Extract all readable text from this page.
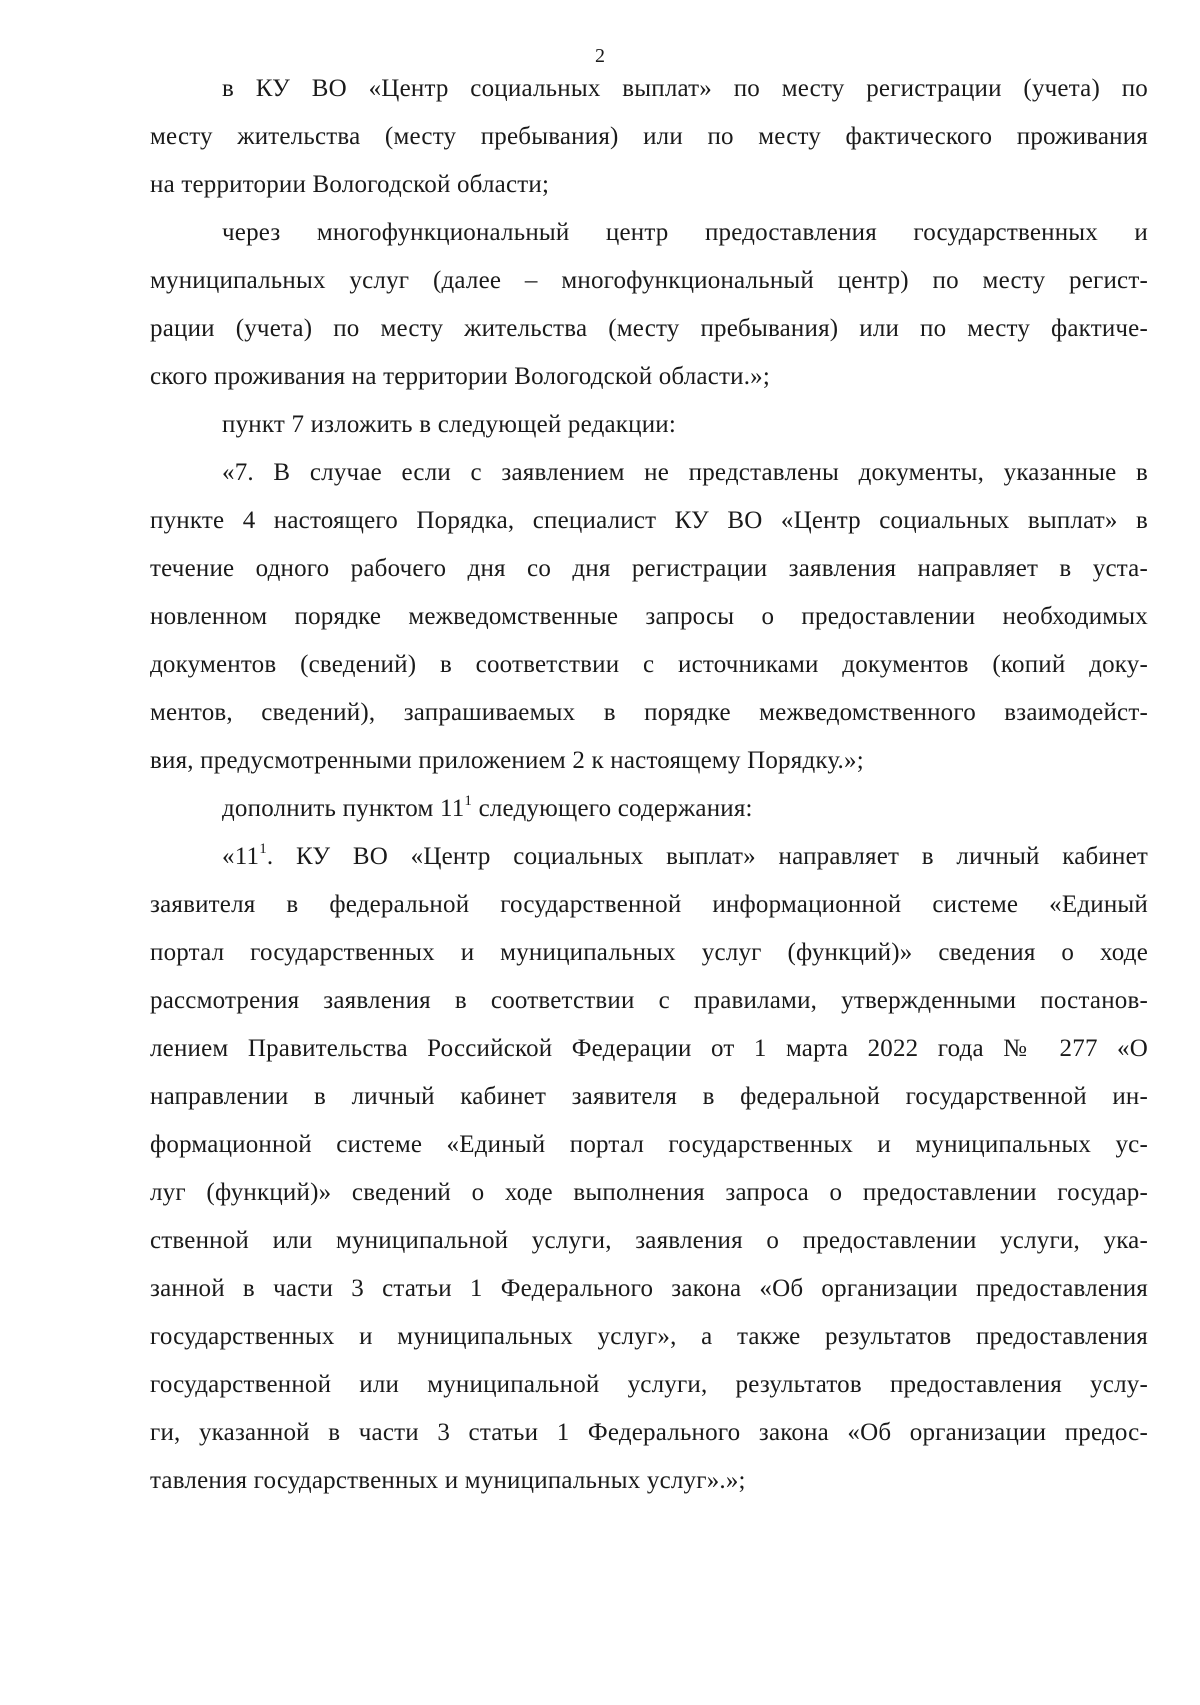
2
в КУ ВО «Центр социальных выплат» по месту регистрации (учета) по
месту жительства (месту пребывания) или по месту фактического проживания
на территории Вологодской области;
через многофункциональный центр предоставления государственных и
муниципальных услуг (далее – многофункциональный центр) по месту регист-
рации (учета) по месту жительства (месту пребывания) или по месту фактиче-
ского проживания на территории Вологодской области.»;
пункт 7 изложить в следующей редакции:
«7. В случае если с заявлением не представлены документы, указанные в
пункте 4 настоящего Порядка, специалист КУ ВО «Центр социальных выплат» в
течение одного рабочего дня со дня регистрации заявления направляет в уста-
новленном порядке межведомственные запросы о предоставлении необходимых
документов (сведений) в соответствии с источниками документов (копий доку-
ментов, сведений), запрашиваемых в порядке межведомственного взаимодейст-
вия, предусмотренными приложением 2 к настоящему Порядку.»;
дополнить пунктом $11^1$ следующего содержания:
«$11^1$. КУ ВО «Центр социальных выплат» направляет в личный кабинет
заявителя в федеральной государственной информационной системе «Единый
портал государственных и муниципальных услуг (функций)» сведения о ходе
рассмотрения заявления в соответствии с правилами, утвержденными постанов-
лением Правительства Российской Федерации от 1 марта 2022 года № 277 «О
направлении в личный кабинет заявителя в федеральной государственной ин-
формационной системе «Единый портал государственных и муниципальных ус-
луг (функций)» сведений о ходе выполнения запроса о предоставлении государ-
ственной или муниципальной услуги, заявления о предоставлении услуги, ука-
занной в части 3 статьи 1 Федерального закона «Об организации предоставления
государственных и муниципальных услуг», а также результатов предоставления
государственной или муниципальной услуги, результатов предоставления услу-
ги, указанной в части 3 статьи 1 Федерального закона «Об организации предос-
тавления государственных и муниципальных услуг».»;
